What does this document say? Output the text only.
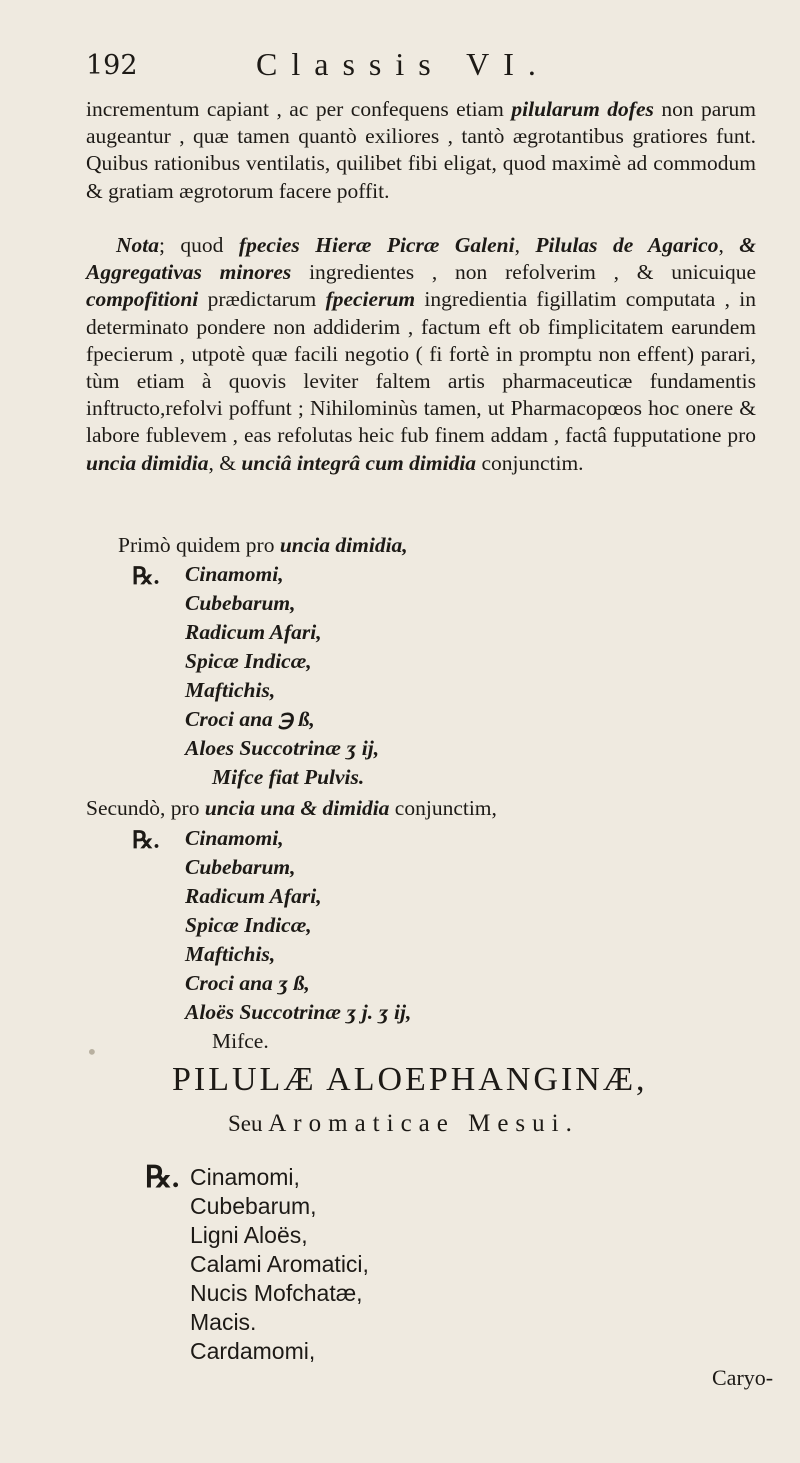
192	Classis VI.

incrementum capiant , ac per confequens etiam pilularum dofes non parum augeantur , quæ tamen quantò exiliores , tantò ægrotantibus gratiores funt. Quibus rationibus ventilatis, quilibet fibi eligat, quod maximè ad commodum & gratiam ægrotorum facere poffit.

Nota; quod fpecies Hieræ Picræ Galeni, Pilulas de Agarico, & Aggregativas minores ingredientes , non refolverim , & unicuique compofitioni prædictarum fpecierum ingredientia figillatim computata , in determinato pondere non addiderim , factum eft ob fimplicitatem earundem fpecierum , utpotè quæ facili negotio ( fi fortè in promptu non effent) parari, tùm etiam à quovis leviter faltem artis pharmaceuticæ fundamentis inftructo,refolvi poffunt ; Nihilominùs tamen, ut Pharmacopœos hoc onere & labore fublevem , eas refolutas heic fub finem addam , factâ fupputatione pro uncia dimidia, & unciâ integrâ cum dimidia conjunctim.

Primò quidem pro uncia dimidia,
℞. Cinamomi,
Cubebarum,
Radicum Afari,
Spicæ Indicæ,
Maftichis,
Croci ana ℈ ß,
Aloes Succotrinæ ʒ ij,
Mifce fiat Pulvis.
Secundò, pro uncia una & dimidia conjunctim,
℞. Cinamomi,
Cubebarum,
Radicum Afari,
Spicæ Indicæ,
Maftichis,
Croci ana ʒ ß,
Aloës Succotrinæ ʒ j. ʒ ij,
Mifce.
•
PILULÆ ALOEPHANGINÆ,
Seu Aromaticae Mesui.
℞. Cinamomi,
Cubebarum,
Ligni Aloës,
Calami Aromatici,
Nucis Mofchatæ,
Macis.
Cardamomi,
Caryo-
